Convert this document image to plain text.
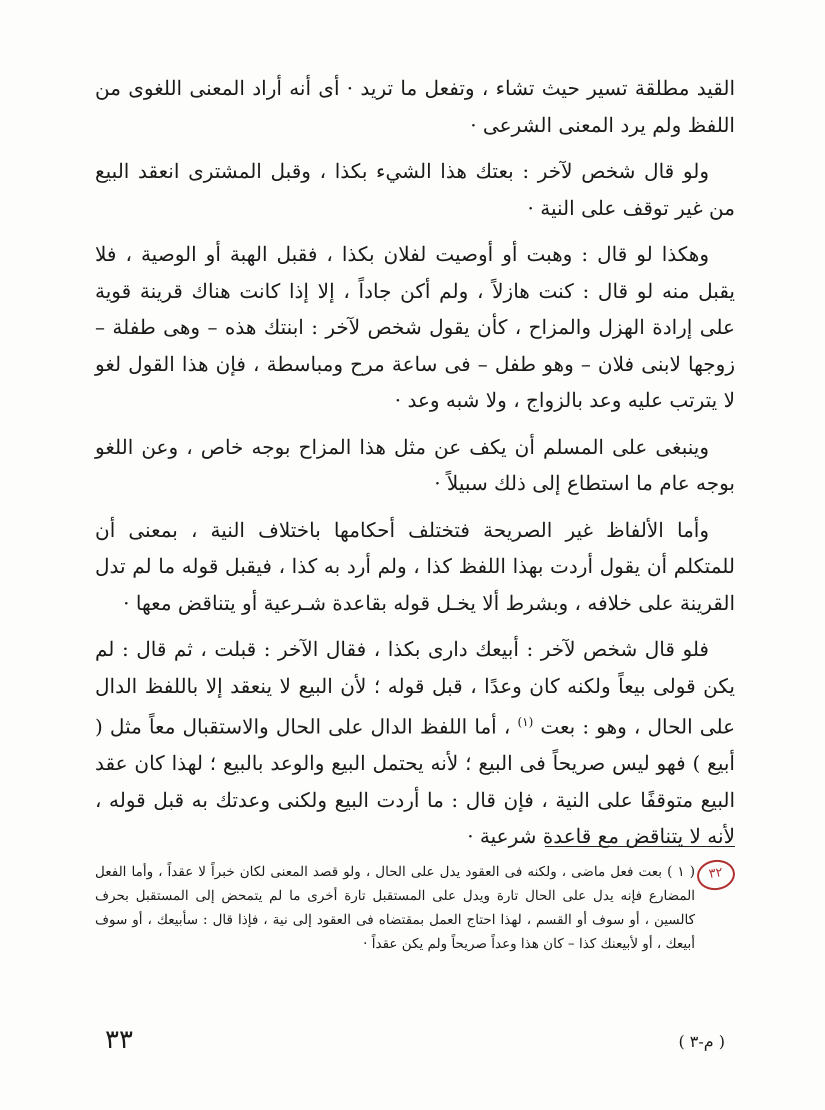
القيد مطلقة تسير حيث تشاء ، وتفعل ما تريد · أى أنه أراد المعنى اللغوى من اللفظ ولم يرد المعنى الشرعى ·

ولو قال شخص لآخر : بعتك هذا الشيء بكذا ، وقبل المشترى انعقد البيع من غير توقف على النية ·

وهكذا لو قال : وهبت أو أوصيت لفلان بكذا ، فقبل الهبة أو الوصية ، فلا يقبل منه لو قال : كنت هازلاً ، ولم أكن جاداً ، إلا إذا كانت هناك قرينة قوية على إرادة الهزل والمزاح ، كأن يقول شخص لآخر : ابنتك هذه – وهى طفلة – زوجها لابنى فلان – وهو طفل – فى ساعة مرح ومباسطة ، فإن هذا القول لغو لا يترتب عليه وعد بالزواج ، ولا شبه وعد ·

وينبغى على المسلم أن يكف عن مثل هذا المزاح بوجه خاص ، وعن اللغو بوجه عام ما استطاع إلى ذلك سبيلاً ·

وأما الألفاظ غير الصريحة فتختلف أحكامها باختلاف النية ، بمعنى أن للمتكلم أن يقول أردت بهذا اللفظ كذا ، ولم أرد به كذا ، فيقبل قوله ما لم تدل القرينة على خلافه ، وبشرط ألا يخـل قوله بقاعدة شـرعية أو يتناقض معها ·

فلو قال شخص لآخر : أبيعك دارى بكذا ، فقال الآخر : قبلت ، ثم قال : لم يكن قولى بيعاً ولكنه كان وعدًا ، قبل قوله ؛ لأن البيع لا ينعقد إلا باللفظ الدال على الحال ، وهو : بعت $^{(١)}$ ، أما اللفظ الدال على الحال والاستقبال معاً مثل ( أبيع ) فهو ليس صريحاً فى البيع ؛ لأنه يحتمل البيع والوعد بالبيع ؛ لهذا كان عقد البيع متوقفًا على النية ، فإن قال : ما أردت البيع ولكنى وعدتك به قبل قوله ، لأنه لا يتناقض مع قاعدة شرعية ·

٣٢
( ١ ) بعت فعل ماضى ، ولكنه فى العقود يدل على الحال ، ولو قصد المعنى لكان خبراً لا عقداً ، وأما الفعل المضارع فإنه يدل على الحال تارة ويدل على المستقبل تارة أخرى ما لم يتمحض إلى المستقبل بحرف كالسين ، أو سوف أو القسم ، لهذا احتاج العمل بمقتضاه فى العقود إلى نية ، فإذا قال : سأبيعك ، أو سوف أبيعك ، أو لأبيعنك كذا – كان هذا وعداً صريحاً ولم يكن عقداً ·
( م-٣ )
٣٣
